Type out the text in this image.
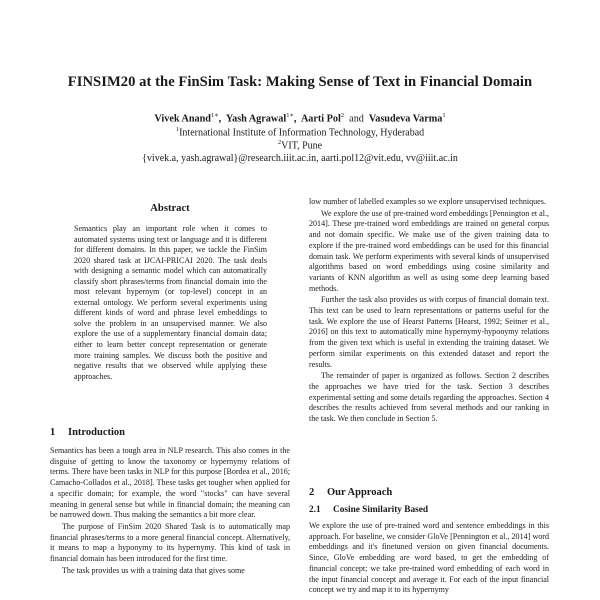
FINSIM20 at the FinSim Task: Making Sense of Text in Financial Domain
Vivek Anand$^{1∗}$,  Yash Agrawal$^{1∗}$,  Aarti Pol$^2$ and Vasudeva Varma$^1$
$^1$International Institute of Information Technology, Hyderabad
$^2$VIT, Pune
{vivek.a, yash.agrawal}@research.iiit.ac.in, aarti.pol12@vit.edu, vv@iiit.ac.in
Abstract
Semantics play an important role when it comes to automated systems using text or language and it is different for different domains. In this paper, we tackle the FinSim 2020 shared task at IJCAI-PRICAI 2020. The task deals with designing a semantic model which can automatically classify short phrases/terms from financial domain into the most relevant hypernym (or top-level) concept in an external ontology. We perform several experiments using different kinds of word and phrase level embeddings to solve the problem in an unsupervised manner. We also explore the use of a supplementary financial domain data; either to learn better concept representation or generate more training samples. We discuss both the positive and negative results that we observed while applying these approaches.
1 Introduction

Semantics has been a tough area in NLP research. This also comes in the disguise of getting to know the taxonomy or hypernymy relations of terms. There have been tasks in NLP for this purpose [Bordea et al., 2016; Camacho-Collados et al., 2018]. These tasks get tougher when applied for a specific domain; for example, the word "stocks" can have several meaning in general sense but while in financial domain; the meaning can be narrowed down. Thus making the semantics a bit more clear.

The purpose of FinSim 2020 Shared Task is to automatically map financial phrases/terms to a more general financial concept. Alternatively, it means to map a hyponymy to its hypernymy. This kind of task in financial domain has been introduced for the first time.

The task provides us with a training data that gives some

low number of labelled examples so we explore unsupervised techniques.

We explore the use of pre-trained word embeddings [Pennington et al., 2014]. These pre-trained word embeddings are trained on general corpus and not domain specific. We make use of the given training data to explore if the pre-trained word embeddings can be used for this financial domain task. We perform experiments with several kinds of unsupervised algorithms based on word embeddings using cosine similarity and variants of KNN algorithm as well as using some deep learning based methods.

Further the task also provides us with corpus of financial domain text. This text can be used to learn representations or patterns useful for the task. We explore the use of Hearst Patterns [Hearst, 1992; Seitner et al., 2016] on this text to automatically mine hypernymy-hyponymy relations from the given text which is useful in extending the training dataset. We perform similar experiments on this extended dataset and report the results.

The remainder of paper is organized as follows. Section 2 describes the approaches we have tried for the task. Section 3 describes experimental setting and some details regarding the approaches. Section 4 describes the results achieved from several methods and our ranking in the task. We then conclude in Section 5.

2 Our Approach
2.1 Cosine Similarity Based

We explore the use of pre-trained word and sentence embeddings in this approach. For baseline, we consider GloVe [Pennington et al., 2014] word embeddings and it's finetuned version on given financial documents. Since, GloVe embedding are word based, to get the embedding of financial concept; we take pre-trained word embedding of each word in the input financial concept and average it. For each of the input financial concept we try and map it to its hypernymy
